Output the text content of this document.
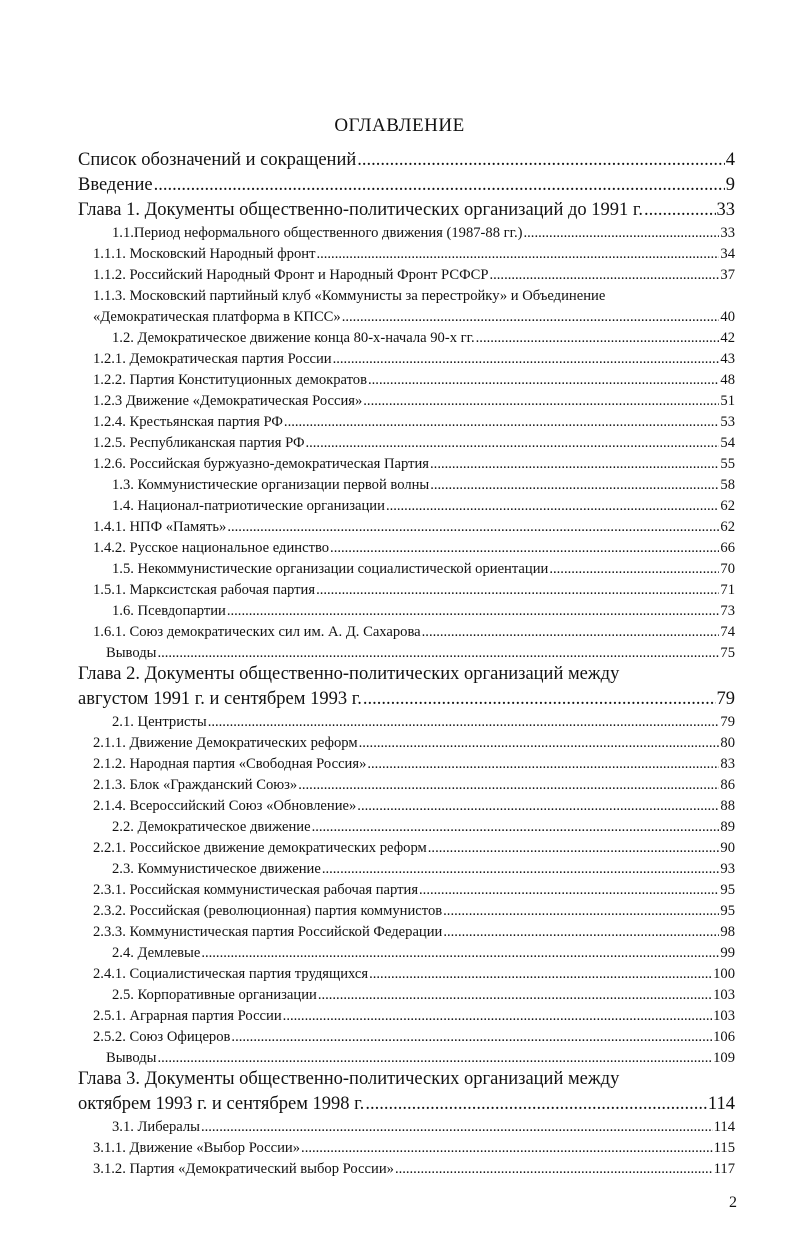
ОГЛАВЛЕНИЕ
Список обозначений и сокращений .....	4
Введение .....	9
Глава 1. Документы общественно-политических организаций до 1991 г. .....	33
1.1.Период неформального общественного движения (1987-88 гг.) .....	33
1.1.1. Московский Народный фронт .....	34
1.1.2. Российский Народный Фронт и Народный Фронт РСФСР .....	37
1.1.3. Московский партийный клуб «Коммунисты за перестройку» и Объединение
«Демократическая платформа в КПСС» .....	40
1.2. Демократическое движение конца 80-х-начала 90-х гг. .....	42
1.2.1. Демократическая партия России .....	43
1.2.2. Партия Конституционных демократов .....	48
1.2.3 Движение «Демократическая Россия» .....	51
1.2.4. Крестьянская партия РФ .....	53
1.2.5. Республиканская партия РФ .....	54
1.2.6. Российская буржуазно-демократическая Партия .....	55
1.3. Коммунистические организации первой волны .....	58
1.4. Национал-патриотические организации .....	62
1.4.1. НПФ «Память» .....	62
1.4.2. Русское национальное единство .....	66
1.5. Некоммунистические организации социалистической ориентации .....	70
1.5.1. Марксистская рабочая партия .....	71
1.6. Псевдопартии .....	73
1.6.1. Союз демократических сил им. А. Д. Сахарова .....	74
Выводы .....	75
Глава 2. Документы общественно-политических организаций между
августом 1991 г. и сентябрем 1993 г. .....	79
2.1. Центристы .....	79
2.1.1. Движение Демократических реформ .....	80
2.1.2. Народная партия «Свободная Россия» .....	83
2.1.3. Блок «Гражданский Союз» .....	86
2.1.4. Всероссийский Союз «Обновление» .....	88
2.2. Демократическое движение .....	89
2.2.1. Российское движение демократических реформ .....	90
2.3. Коммунистическое движение .....	93
2.3.1. Российская коммунистическая рабочая партия .....	95
2.3.2. Российская (революционная) партия коммунистов .....	95
2.3.3. Коммунистическая партия Российской Федерации .....	98
2.4. Демлевые .....	99
2.4.1. Социалистическая партия трудящихся .....	100
2.5. Корпоративные организации .....	103
2.5.1. Аграрная партия России .....	103
2.5.2. Союз Офицеров .....	106
Выводы .....	109
Глава 3. Документы общественно-политических организаций между
октябрем 1993 г. и сентябрем 1998 г. .....	114
3.1. Либералы .....	114
3.1.1. Движение «Выбор России» .....	115
3.1.2. Партия «Демократический выбор России» .....	117
2
